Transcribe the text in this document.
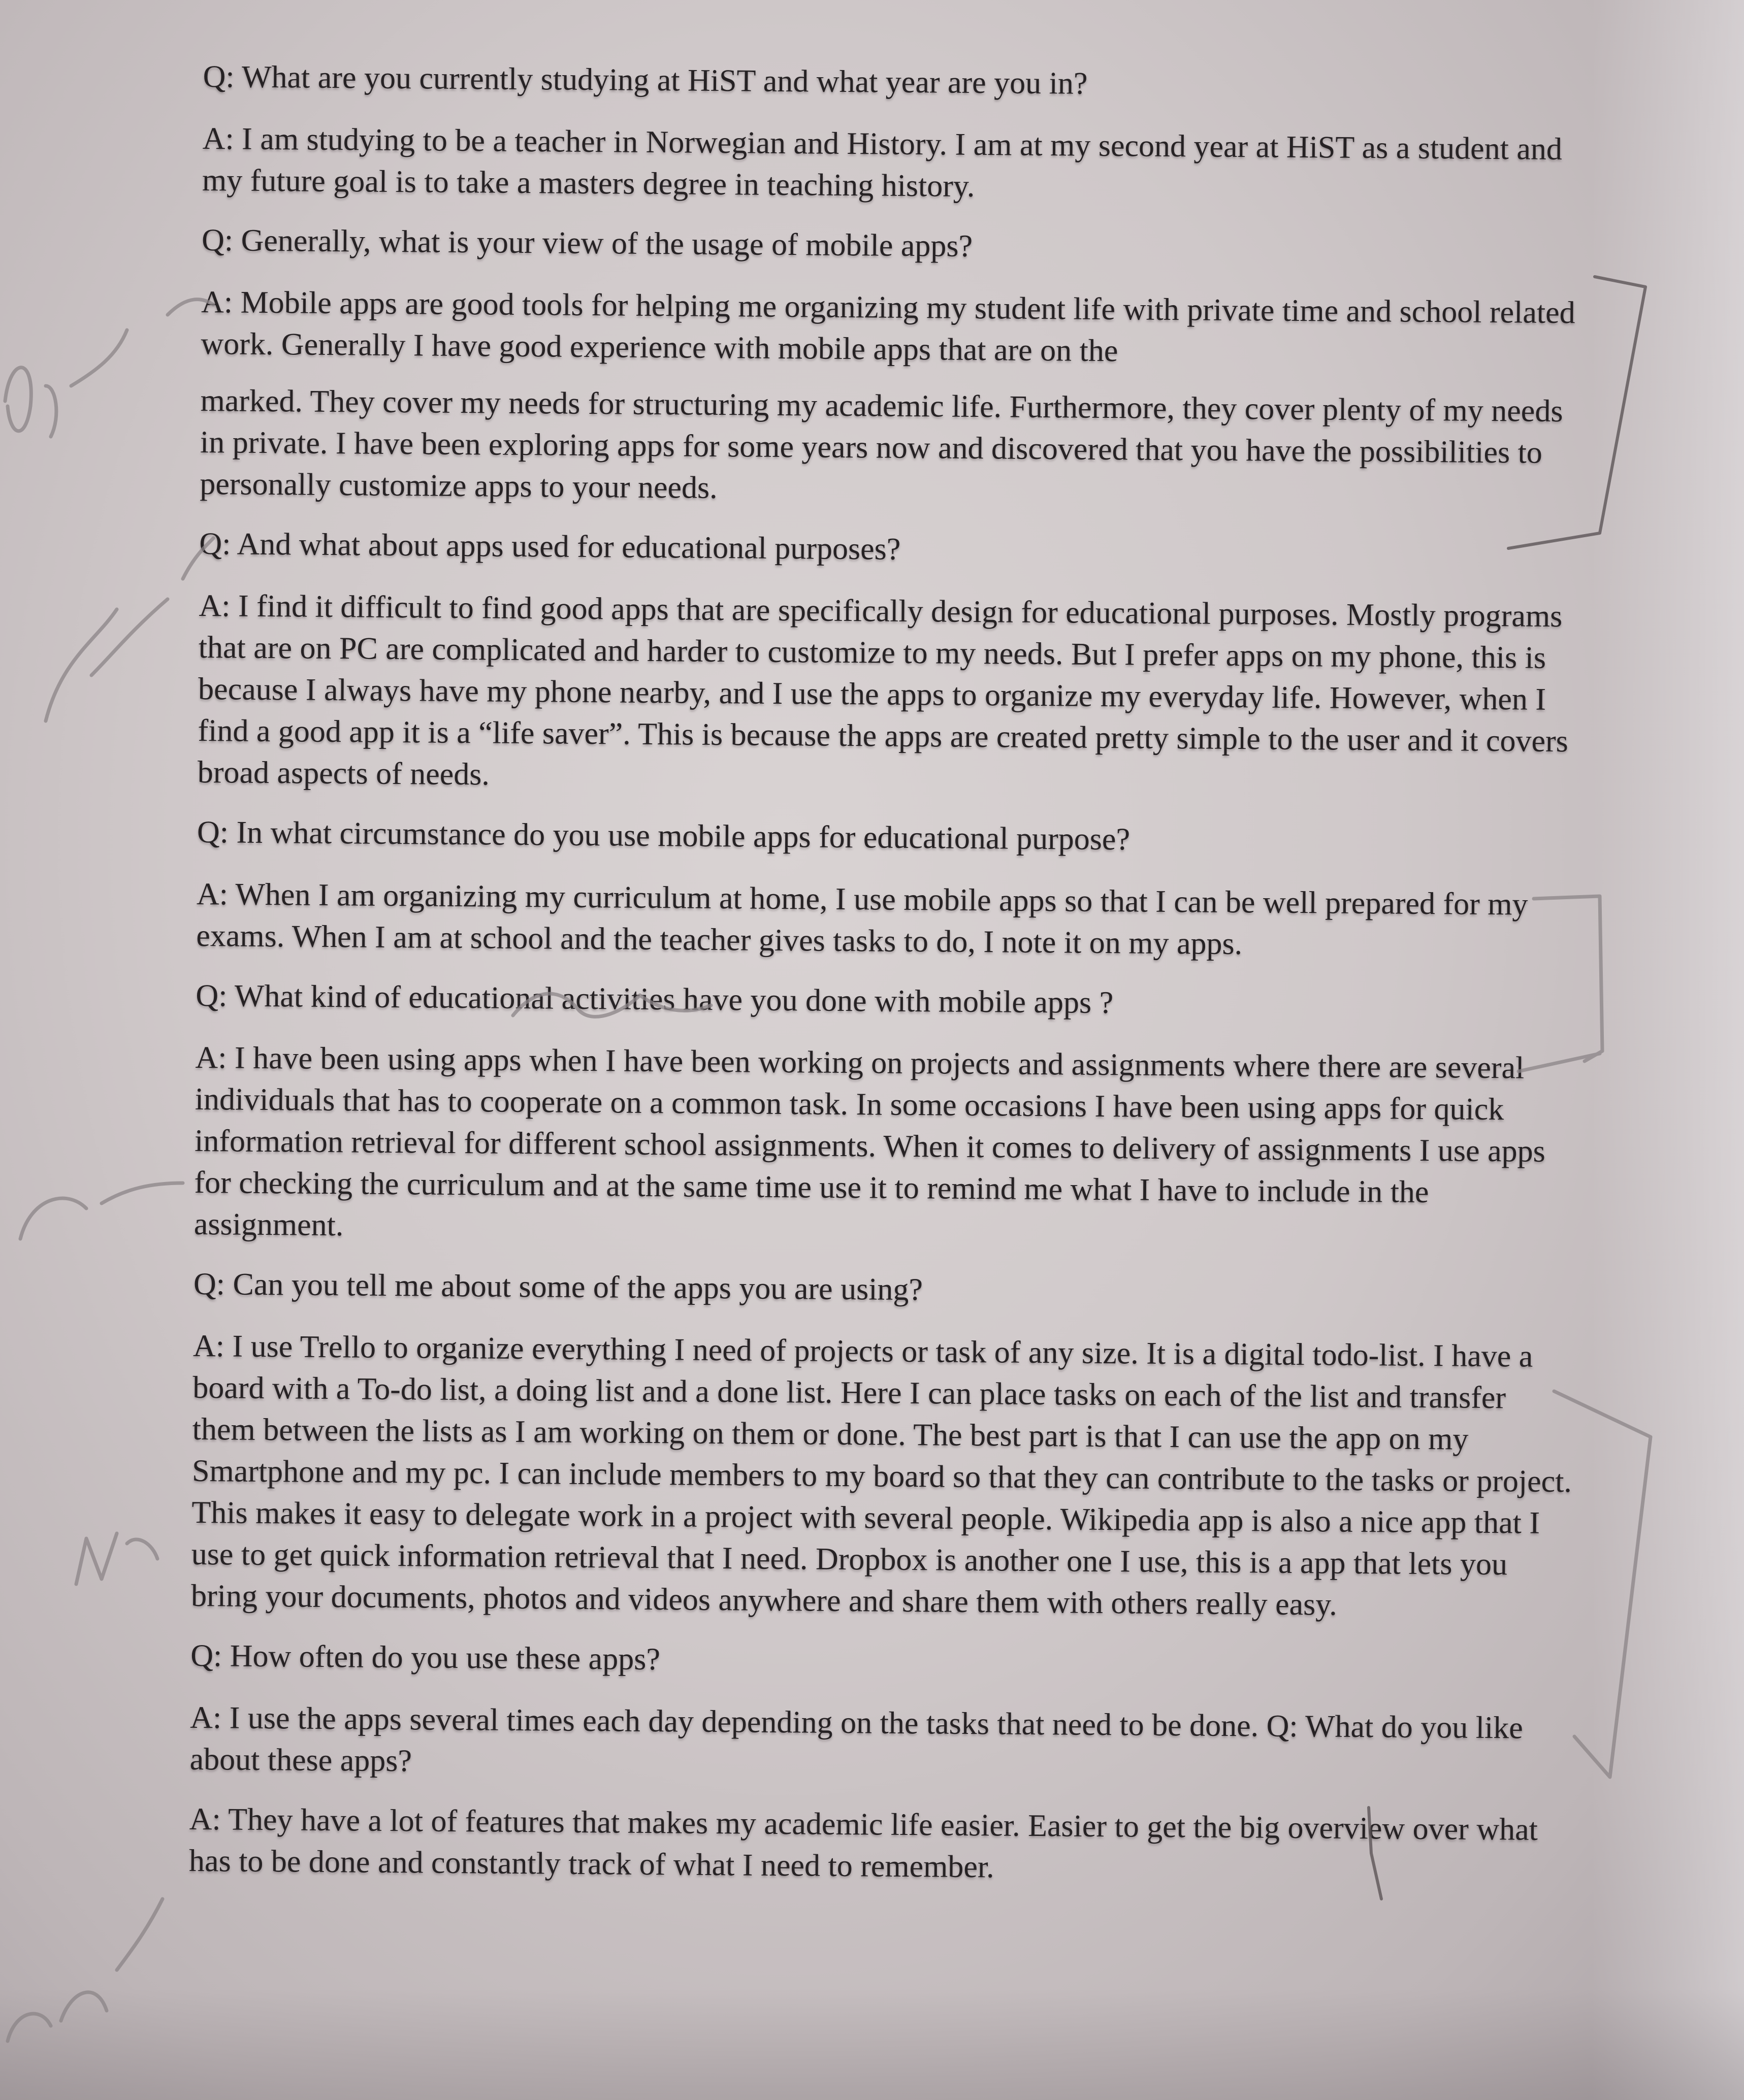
Q: What are you currently studying at HiST and what year are you in?

A: I am studying to be a teacher in Norwegian and History. I am at my second year at HiST as a student and my future goal is to take a masters degree in teaching history.

Q: Generally, what is your view of the usage of mobile apps?

A: Mobile apps are good tools for helping me organizing my student life with private time and school related work. Generally I have good experience with mobile apps that are on the

marked. They cover my needs for structuring my academic life. Furthermore, they cover plenty of my needs in private. I have been exploring apps for some years now and discovered that you have the possibilities to personally customize apps to your needs.

Q: And what about apps used for educational purposes?

A: I find it difficult to find good apps that are specifically design for educational purposes. Mostly programs that are on PC are complicated and harder to customize to my needs. But I prefer apps on my phone, this is because I always have my phone nearby, and I use the apps to organize my everyday life. However, when I find a good app it is a “life saver”. This is because the apps are created pretty simple to the user and it covers broad aspects of needs.

Q: In what circumstance do you use mobile apps for educational purpose?

A: When I am organizing my curriculum at home, I use mobile apps so that I can be well prepared for my exams. When I am at school and the teacher gives tasks to do, I note it on my apps.

Q: What kind of educational activities have you done with mobile apps ?

A: I have been using apps when I have been working on projects and assignments where there are several individuals that has to cooperate on a common task. In some occasions I have been using apps for quick information retrieval for different school assignments. When it comes to delivery of assignments I use apps for checking the curriculum and at the same time use it to remind me what I have to include in the assignment.

Q: Can you tell me about some of the apps you are using?

A: I use Trello to organize everything I need of projects or task of any size. It is a digital todo-list. I have a board with a To-do list, a doing list and a done list. Here I can place tasks on each of the list and transfer them between the lists as I am working on them or done. The best part is that I can use the app on my Smartphone and my pc. I can include members to my board so that they can contribute to the tasks or project. This makes it easy to delegate work in a project with several people. Wikipedia app is also a nice app that I use to get quick information retrieval that I need. Dropbox is another one I use, this is a app that lets you bring your documents, photos and videos anywhere and share them with others really easy.

Q: How often do you use these apps?

A: I use the apps several times each day depending on the tasks that need to be done. Q: What do you like about these apps?

A: They have a lot of features that makes my academic life easier. Easier to get the big overview over what has to be done and constantly track of what I need to remember.
